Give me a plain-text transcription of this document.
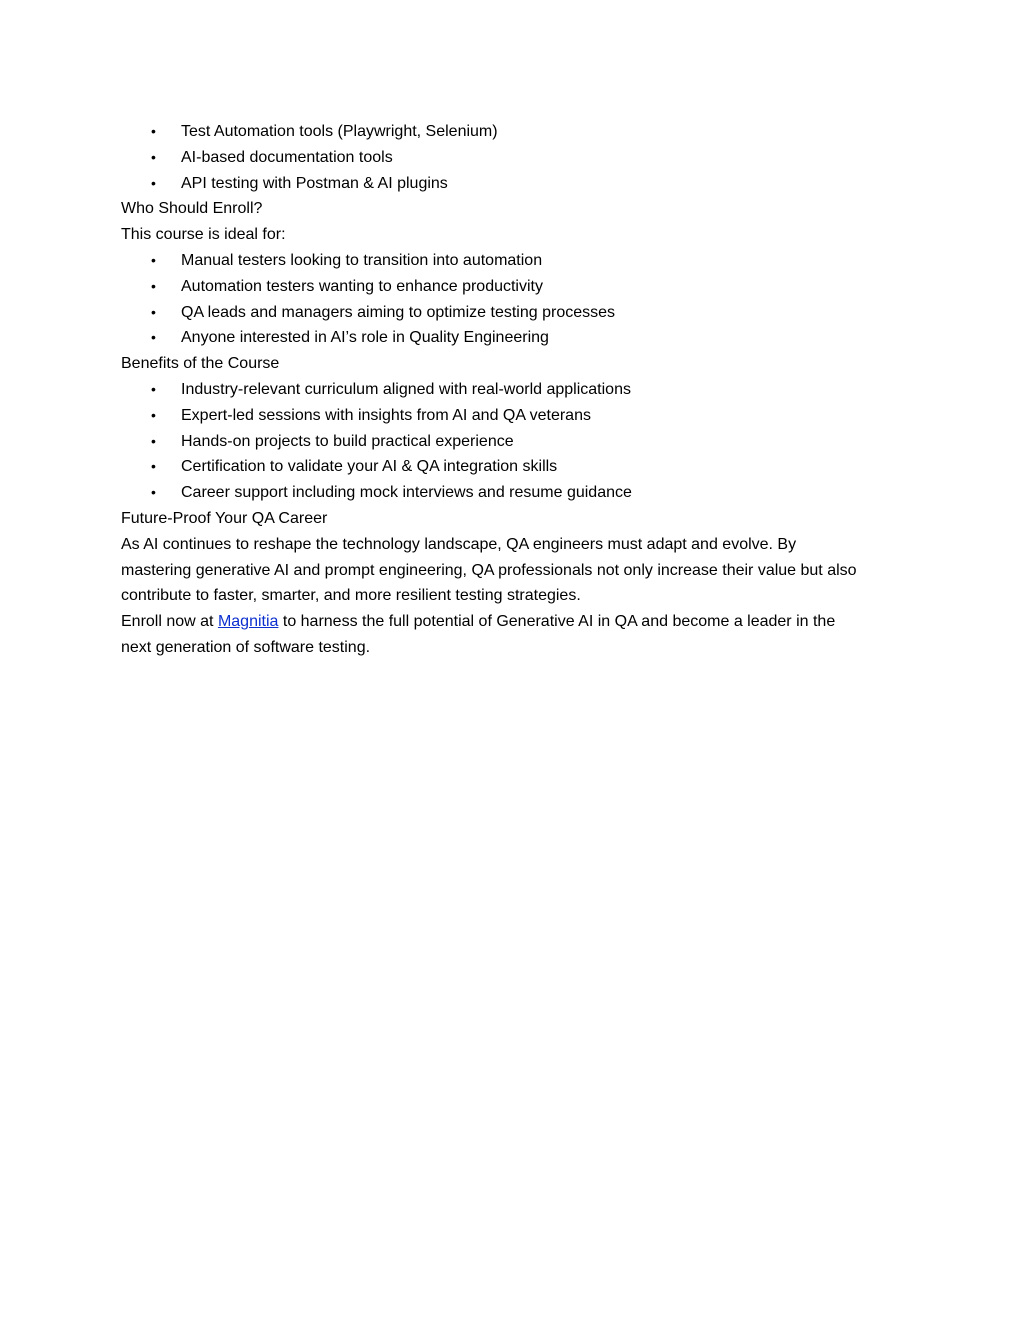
• Test Automation tools (Playwright, Selenium)
• AI-based documentation tools
• API testing with Postman & AI plugins

Who Should Enroll?

This course is ideal for:

• Manual testers looking to transition into automation
• Automation testers wanting to enhance productivity
• QA leads and managers aiming to optimize testing processes
• Anyone interested in AI’s role in Quality Engineering

Benefits of the Course

• Industry-relevant curriculum aligned with real-world applications
• Expert-led sessions with insights from AI and QA veterans
• Hands-on projects to build practical experience
• Certification to validate your AI & QA integration skills
• Career support including mock interviews and resume guidance

Future-Proof Your QA Career

As AI continues to reshape the technology landscape, QA engineers must adapt and evolve. By

mastering generative AI and prompt engineering, QA professionals not only increase their value but also

contribute to faster, smarter, and more resilient testing strategies.

Enroll now at Magnitia to harness the full potential of Generative AI in QA and become a leader in the

next generation of software testing.
